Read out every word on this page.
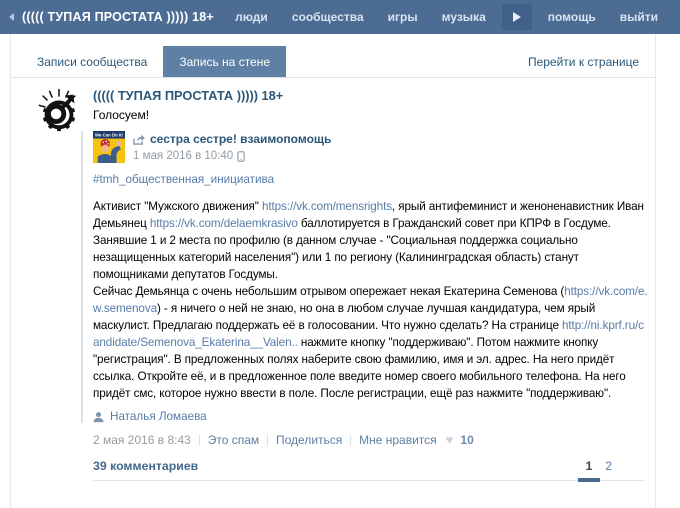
((((( ТУПАЯ ПРОСТАТА ))))) 18+	люди	сообщества	игры	музыка	помощь	выйти
Записи сообщества	Запись на стене	Перейти к странице
((((( ТУПАЯ ПРОСТАТА ))))) 18+
Голосуем!
We Can Do It! сестра сестре! взаимопомощь
1 мая 2016 в 10:40
#tmh_общественная_инициатива
Активист "Мужского движения" https://vk.com/mensrights, ярый антифеминист и женоненавистник Иван Демьянец https://vk.com/delaemkrasivo баллотируется в Гражданский совет при КПРФ в Госдуме. Занявшие 1 и 2 места по профилю (в данном случае - "Социальная поддержка социально незащищенных категорий населения") или 1 по региону (Калининградская область) станут помощниками депутатов Госдумы.
Сейчас Демьянца с очень небольшим отрывом опережает некая Екатерина Семенова (https://vk.com/e.w.semenova) - я ничего о ней не знаю, но она в любом случае лучшая кандидатура, чем ярый маскулист. Предлагаю поддержать её в голосовании. Что нужно сделать? На странице http://ni.kprf.ru/candidate/Semenova_Ekaterina__Valen.. нажмите кнопку "поддерживаю". Потом нажмите кнопку "регистрация". В предложенных полях наберите свою фамилию, имя и эл. адрес. На него придёт ссылка. Откройте её, и в предложенное поле введите номер своего мобильного телефона. На него придёт смс, которое нужно ввести в поле. После регистрации, ещё раз нажмите "поддерживаю".
Наталья Ломаева
2 мая 2016 в 8:43 | Это спам | Поделиться | Мне нравится ♥ 10
39 комментариев	1	2
